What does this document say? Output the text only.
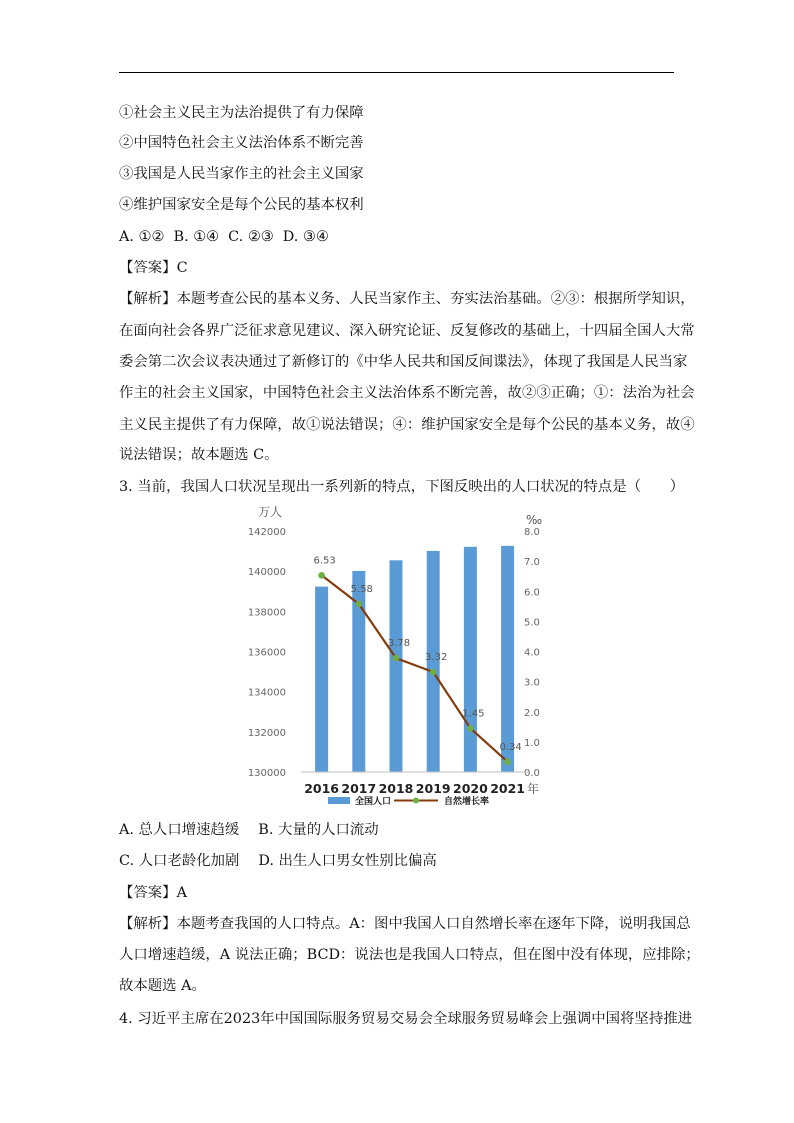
①社会主义民主为法治提供了有力保障
②中国特色社会主义法治体系不断完善
③我国是人民当家作主的社会主义国家
④维护国家安全是每个公民的基本权利
A. ①②  B. ①④  C. ②③  D. ③④
【答案】C
【解析】本题考查公民的基本义务、人民当家作主、夯实法治基础。②③：根据所学知识，
在面向社会各界广泛征求意见建议、深入研究论证、反复修改的基础上，十四届全国人大常
委会第二次会议表决通过了新修订的《中华人民共和国反间谍法》，体现了我国是人民当家
作主的社会主义国家，中国特色社会主义法治体系不断完善，故②③正确；①：法治为社会
主义民主提供了有力保障，故①说法错误；④：维护国家安全是每个公民的基本义务，故④
说法错误；故本题选 C。
3. 当前，我国人口状况呈现出一系列新的特点，下图反映出的人口状况的特点是（　　）
万人
‰
130000
132000
134000
136000
138000
140000
142000
0.0
1.0
2.0
3.0
4.0
5.0
6.0
7.0
8.0
2016 2017 2018 2019 2020 2021 年
6.53
5.58
3.78
3.32
1.45
0.34
全国人口	自然增长率
A. 总人口增速趋缓　 B. 大量的人口流动
C. 人口老龄化加剧　 D. 出生人口男女性别比偏高
【答案】A
【解析】本题考查我国的人口特点。A：图中我国人口自然增长率在逐年下降，说明我国总
人口增速趋缓，A 说法正确；BCD：说法也是我国人口特点，但在图中没有体现，应排除；
故本题选 A。
4. 习近平主席在2023年中国国际服务贸易交易会全球服务贸易峰会上强调中国将坚持推进
